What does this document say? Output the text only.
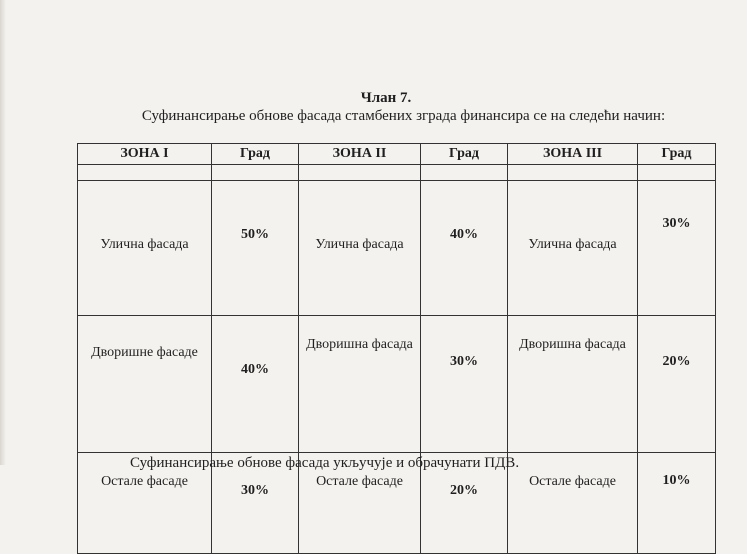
Члан 7.
Суфинансирање обнове фасада стамбених зграда финансира се на следећи начин:
ЗОНА I	Град	ЗОНА II	Град	ЗОНА III	Град

Улична фасада	50%	Улична фасада	40%	Улична фасада	30%
Дворишне фасаде	40%	Дворишна фасада	30%	Дворишна фасада	20%
Остале фасаде	30%	Остале фасаде	20%	Остале фасаде	10%
Суфинансирање обнове фасада укључује и обрачунати ПДВ.
